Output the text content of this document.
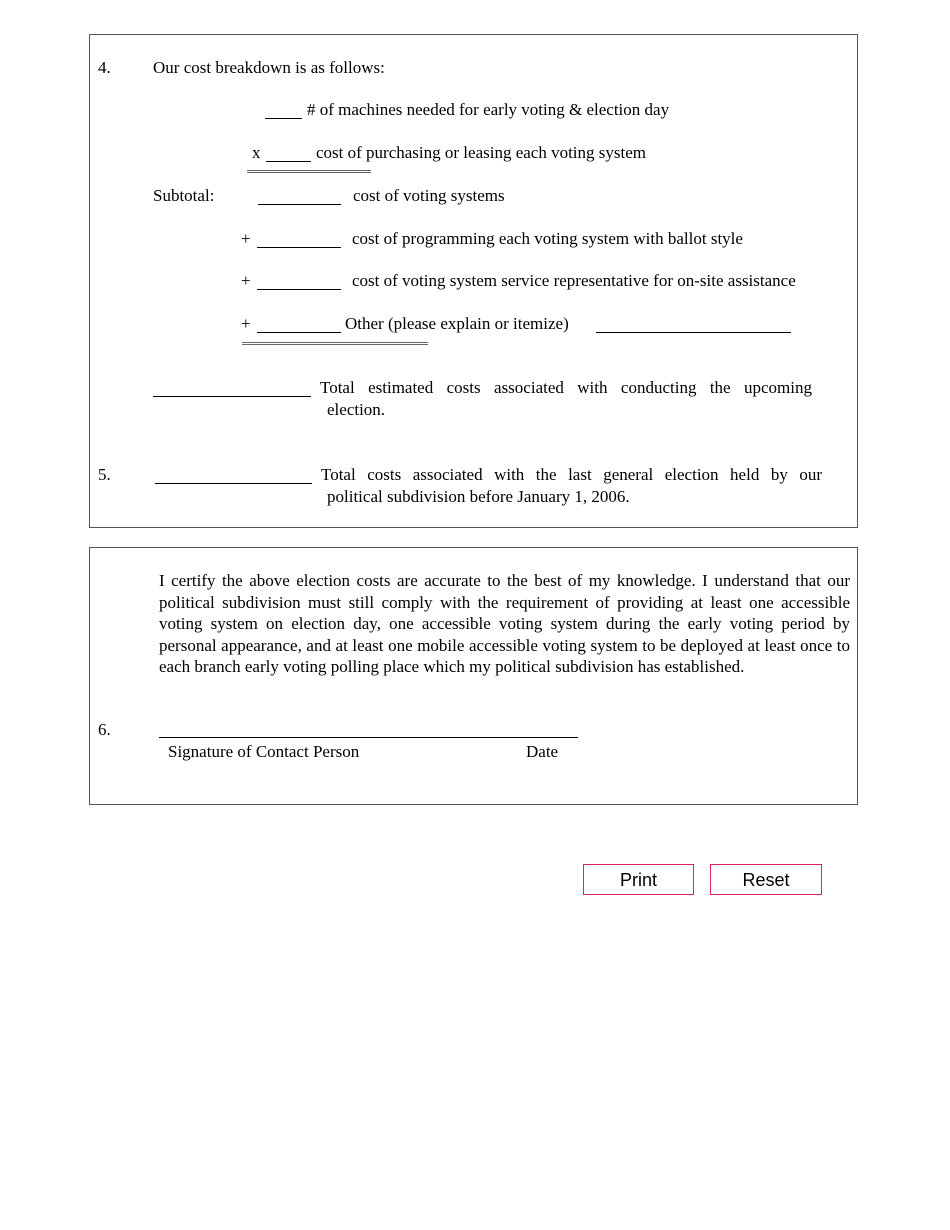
4. Our cost breakdown is as follows:
# of machines needed for early voting & election day
x	cost of purchasing or leasing each voting system
Subtotal:	cost of voting systems
+	cost of programming each voting system with ballot style
+	cost of voting system service representative for on-site assistance
+	Other (please explain or itemize)
Total estimated costs associated with conducting the upcoming
election.
5.	Total costs associated with the last general election held by our
political subdivision before January 1, 2006.
I certify the above election costs are accurate to the best of my knowledge. I understand that our political subdivision must still comply with the requirement of providing at least one accessible voting system on election day, one accessible voting system during the early voting period by personal appearance, and at least one mobile accessible voting system to be deployed at least once to each branch early voting polling place which my political subdivision has established.
6.
Signature of Contact Person	Date
Print	Reset
